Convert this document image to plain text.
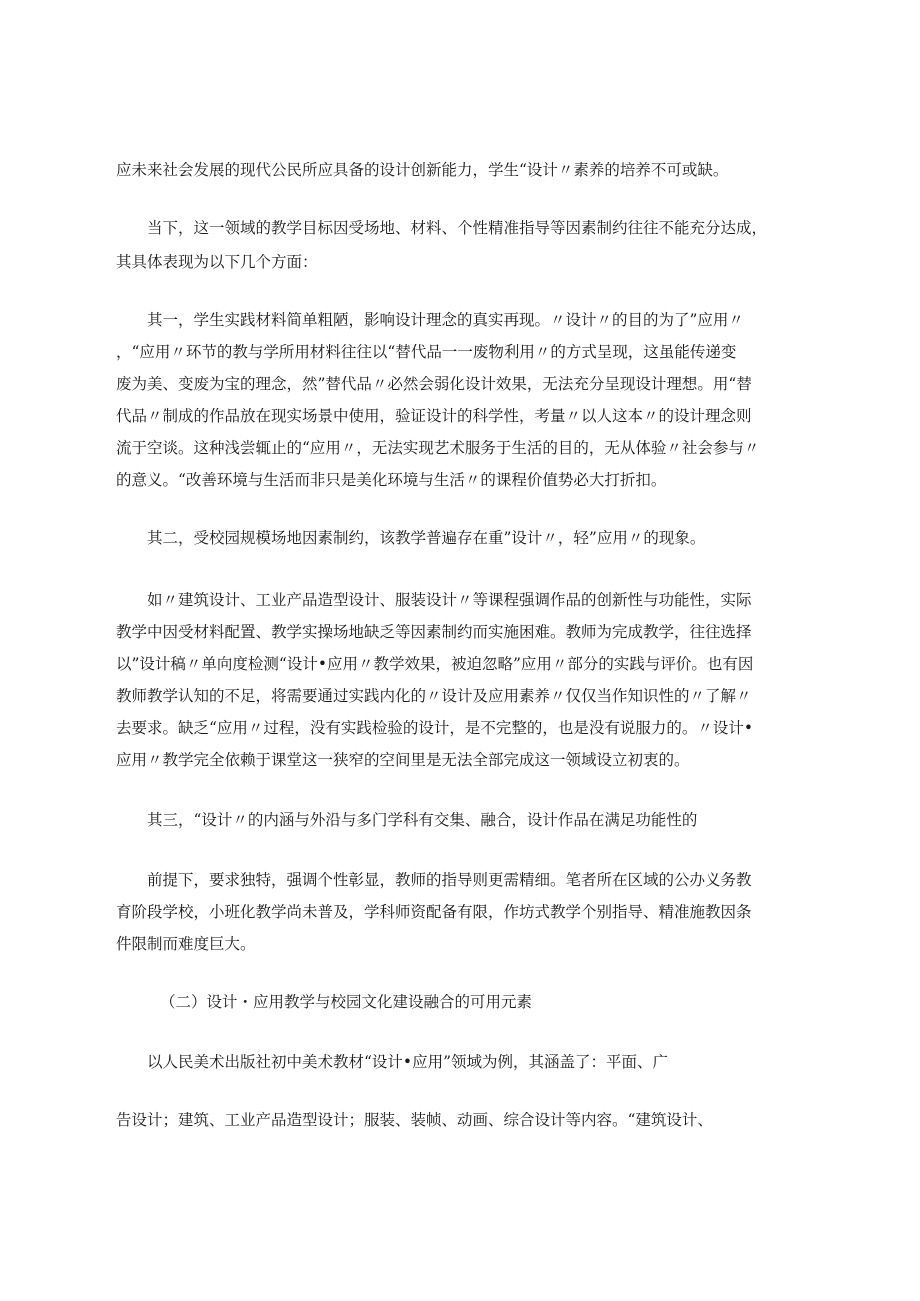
应未来社会发展的现代公民所应具备的设计创新能力，学生“设计〃素养的培养不可或缺。

当下，这一领域的教学目标因受场地、材料、个性精准指导等因素制约往往不能充分达成，

其具体表现为以下几个方面：

其一，学生实践材料简单粗陋，影响设计理念的真实再现。〃设计〃的目的为了”应用〃

，“应用〃环节的教与学所用材料往往以“替代品一一废物利用〃的方式呈现，这虽能传递变

废为美、变废为宝的理念，然”替代品〃必然会弱化设计效果，无法充分呈现设计理想。用“替

代品〃制成的作品放在现实场景中使用，验证设计的科学性，考量〃以人这本〃的设计理念则

流于空谈。这种浅尝辄止的“应用〃，无法实现艺术服务于生活的目的，无从体验〃社会参与〃

的意义。“改善环境与生活而非只是美化环境与生活〃的课程价值势必大打折扣。

其二，受校园规模场地因素制约，该教学普遍存在重”设计〃，轻”应用〃的现象。

如〃建筑设计、工业产品造型设计、服装设计〃等课程强调作品的创新性与功能性，实际

教学中因受材料配置、教学实操场地缺乏等因素制约而实施困难。教师为完成教学，往往选择

以”设计稿〃单向度检测“设计•应用〃教学效果，被迫忽略”应用〃部分的实践与评价。也有因

教师教学认知的不足，将需要通过实践内化的〃设计及应用素养〃仅仅当作知识性的〃了解〃

去要求。缺乏“应用〃过程，没有实践检验的设计，是不完整的，也是没有说服力的。〃设计•

应用〃教学完全依赖于课堂这一狭窄的空间里是无法全部完成这一领域设立初衷的。

其三，“设计〃的内涵与外沿与多门学科有交集、融合，设计作品在满足功能性的

前提下，要求独特，强调个性彰显，教师的指导则更需精细。笔者所在区域的公办义务教

育阶段学校，小班化教学尚未普及，学科师资配备有限，作坊式教学个别指导、精准施教因条

件限制而难度巨大。

（二）设计・应用教学与校园文化建设融合的可用元素

以人民美术出版社初中美术教材“设计•应用”领域为例，其涵盖了：平面、广

告设计；建筑、工业产品造型设计；服装、装帧、动画、综合设计等内容。“建筑设计、
